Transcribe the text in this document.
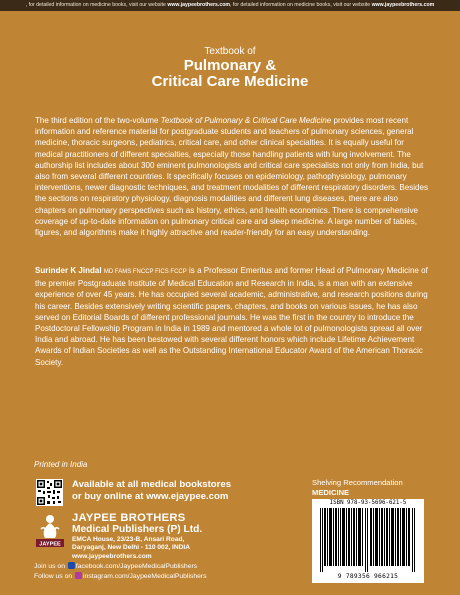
, for detailed information on medicine books, visit our website www.jaypeebrothers.com, for detailed information on medicine books, visit our website www.jaypeebrothers.com
Textbook of
Pulmonary &
Critical Care Medicine
The third edition of the two-volume Textbook of Pulmonary & Critical Care Medicine provides most recent information and reference material for postgraduate students and teachers of pulmonary sciences, general medicine, thoracic surgeons, pediatrics, critical care, and other clinical specialties. It is equally useful for medical practitioners of different specialties, especially those handling patients with lung involvement. The authorship list includes about 300 eminent pulmonologists and critical care specialists not only from India, but also from several different countries. It specifically focuses on epidemiology, pathophysiology, pulmonary interventions, newer diagnostic techniques, and treatment modalities of different respiratory disorders. Besides the sections on respiratory physiology, diagnosis modalities and different lung diseases, there are also chapters on pulmonary perspectives such as history, ethics, and health economics. There is comprehensive coverage of up-to-date information on pulmonary critical care and sleep medicine. A large number of tables, figures, and algorithms make it highly attractive and reader-friendly for an easy understanding.
Surinder K Jindal MD FAMS FNCCP FICS FCCP is a Professor Emeritus and former Head of Pulmonary Medicine of the premier Postgraduate Institute of Medical Education and Research in India, is a man with an extensive experience of over 45 years. He has occupied several academic, administrative, and research positions during his career. Besides extensively writing scientific papers, chapters, and books on various issues, he has also served on Editorial Boards of different professional journals. He was the first in the country to introduce the Postdoctoral Fellowship Program in India in 1989 and mentored a whole lot of pulmonologists spread all over India and abroad. He has been bestowed with several different honors which include Lifetime Achievement Awards of Indian Societies as well as the Outstanding International Educator Award of the American Thoracic Society.
Printed in India
Available at all medical bookstores
or buy online at www.ejaypee.com
JAYPEE
JAYPEE BROTHERS
Medical Publishers (P) Ltd.
EMCA House, 23/23-B, Ansari Road,
Daryaganj, New Delhi - 110 002, INDIA
www.jaypeebrothers.com
Join us on facebook.com/JaypeeMedicalPublishers
Follow us on instagram.com/JaypeeMedicalPublishers
Shelving Recommendation
MEDICINE
ISBN 978-93-5696-621-5
9 789356 966215
